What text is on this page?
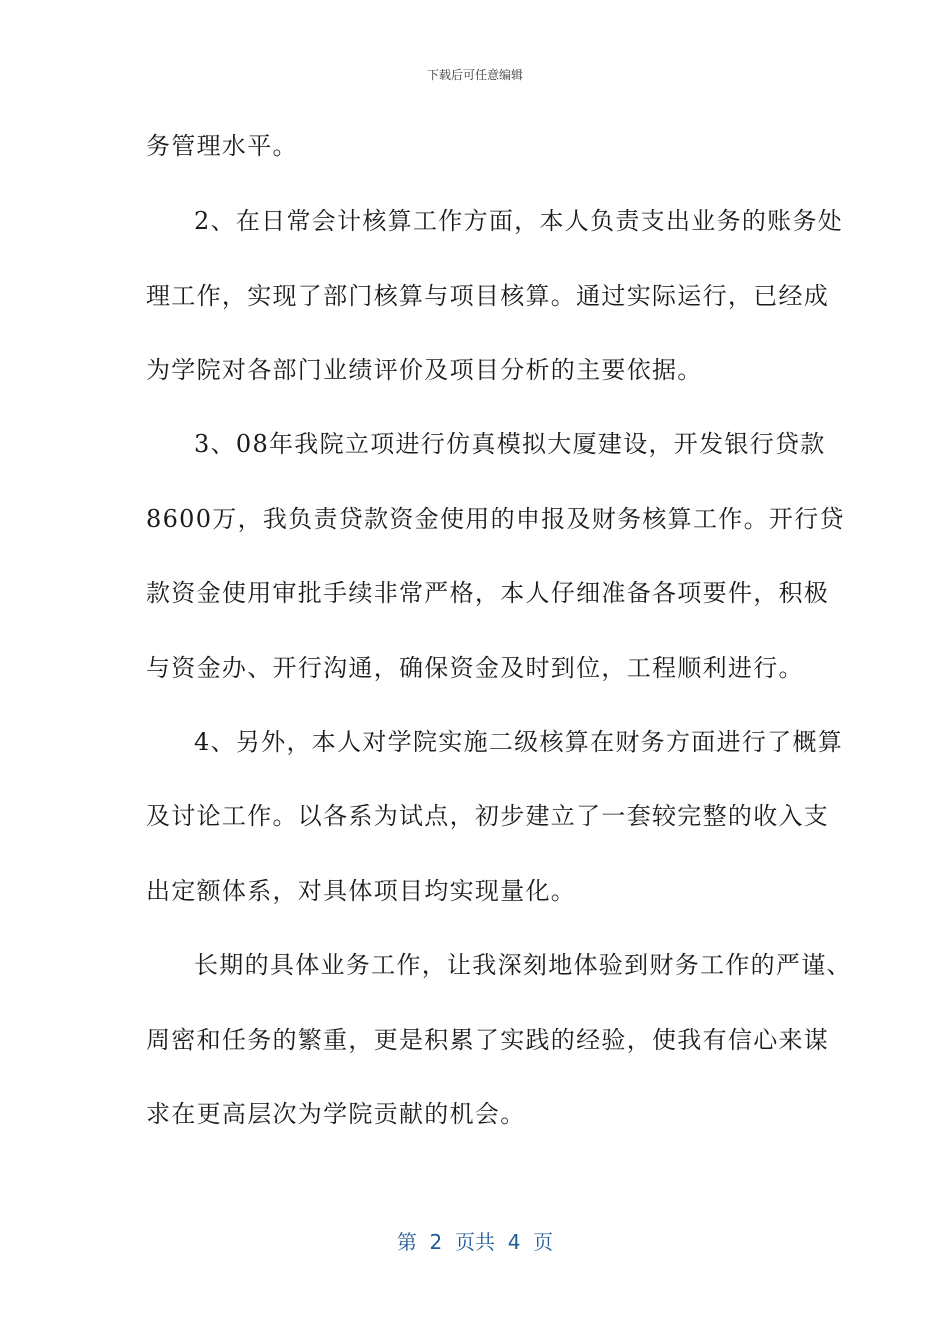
下载后可任意编辑
务管理水平。
2、在日常会计核算工作方面，本人负责支出业务的账务处
理工作，实现了部门核算与项目核算。通过实际运行，已经成
为学院对各部门业绩评价及项目分析的主要依据。
3、08年我院立项进行仿真模拟大厦建设，开发银行贷款
8600万，我负责贷款资金使用的申报及财务核算工作。开行贷
款资金使用审批手续非常严格，本人仔细准备各项要件，积极
与资金办、开行沟通，确保资金及时到位，工程顺利进行。
4、另外，本人对学院实施二级核算在财务方面进行了概算
及讨论工作。以各系为试点，初步建立了一套较完整的收入支
出定额体系，对具体项目均实现量化。
长期的具体业务工作，让我深刻地体验到财务工作的严谨、
周密和任务的繁重，更是积累了实践的经验，使我有信心来谋
求在更高层次为学院贡献的机会。
第  2  页共  4  页
